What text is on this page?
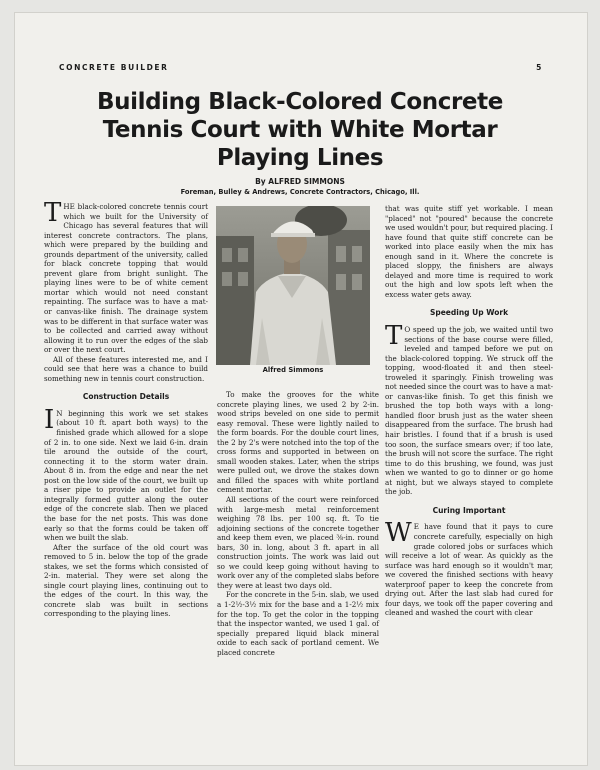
CONCRETE BUILDER	5
Building Black-Colored Concrete Tennis Court with White Mortar Playing Lines
By ALFRED SIMMONS
Foreman, Bulley & Andrews, Concrete Contractors, Chicago, Ill.

THE black-colored concrete tennis court which we built for the University of Chicago has several features that will interest concrete contractors. The plans, which were prepared by the building and grounds department of the university, called for black concrete topping that would prevent glare from bright sunlight. The playing lines were to be of white cement mortar which would not need constant repainting. The surface was to have a mat- or canvas-like finish. The drainage system was to be different in that surface water was to be collected and carried away without allowing it to run over the edges of the slab or over the next court.

All of these features interested me, and I could see that here was a chance to build something new in tennis court construction.

Construction Details

I N beginning this work we set stakes (about 10 ft. apart both ways) to the finished grade which allowed for a slope of 2 in. to one side. Next we laid 6-in. drain tile around the outside of the court, connecting it to the storm water drain. About 8 in. from the edge and near the net post on the low side of the court, we built up a riser pipe to provide an outlet for the integrally formed gutter along the outer edge of the concrete slab. Then we placed the base for the net posts. This was done early so that the forms could be taken off when we built the slab.

After the surface of the old court was removed to 5 in. below the top of the grade stakes, we set the forms which consisted of 2-in. material. They were set along the single court playing lines, continuing out to the edges of the court. In this way, the concrete slab was built in sections corresponding to the playing lines.

Alfred Simmons

To make the grooves for the white concrete playing lines, we used 2 by 2-in. wood strips beveled on one side to permit easy removal. These were lightly nailed to the form boards. For the double court lines, the 2 by 2's were notched into the top of the cross forms and supported in between on small wooden stakes. Later, when the strips were pulled out, we drove the stakes down and filled the spaces with white portland cement mortar.

All sections of the court were reinforced with large-mesh metal reinforcement weighing 78 lbs. per 100 sq. ft. To tie adjoining sections of the concrete together and keep them even, we placed ⅜-in. round bars, 30 in. long, about 3 ft. apart in all construction joints. The work was laid out so we could keep going without having to work over any of the completed slabs before they were at least two days old.

For the concrete in the 5-in. slab, we used a 1-2½-3½ mix for the base and a 1-2½ mix for the top. To get the color in the topping that the inspector wanted, we used 1 gal. of specially prepared liquid black mineral oxide to each sack of portland cement. We placed concrete

that was quite stiff yet workable. I mean "placed" not "poured" because the concrete we used wouldn't pour, but required placing. I have found that quite stiff concrete can be worked into place easily when the mix has enough sand in it. Where the concrete is placed sloppy, the finishers are always delayed and more time is required to work out the high and low spots left when the excess water gets away.

Speeding Up Work

T O speed up the job, we waited until two sections of the base course were filled, leveled and tamped before we put on the black-colored topping. We struck off the topping, wood-floated it and then steel-troweled it sparingly. Finish troweling was not needed since the court was to have a mat- or canvas-like finish. To get this finish we brushed the top both ways with a long-handled floor brush just as the water sheen disappeared from the surface. The brush had hair bristles. I found that if a brush is used too soon, the surface smears over; if too late, the brush will not score the surface. The right time to do this brushing, we found, was just when we wanted to go to dinner or go home at night, but we always stayed to complete the job.

Curing Important

W E have found that it pays to cure concrete carefully, especially on high grade colored jobs or surfaces which will receive a lot of wear. As quickly as the surface was hard enough so it wouldn't mar, we covered the finished sections with heavy waterproof paper to keep the concrete from drying out. After the last slab had cured for four days, we took off the paper covering and cleaned and washed the court with clear
